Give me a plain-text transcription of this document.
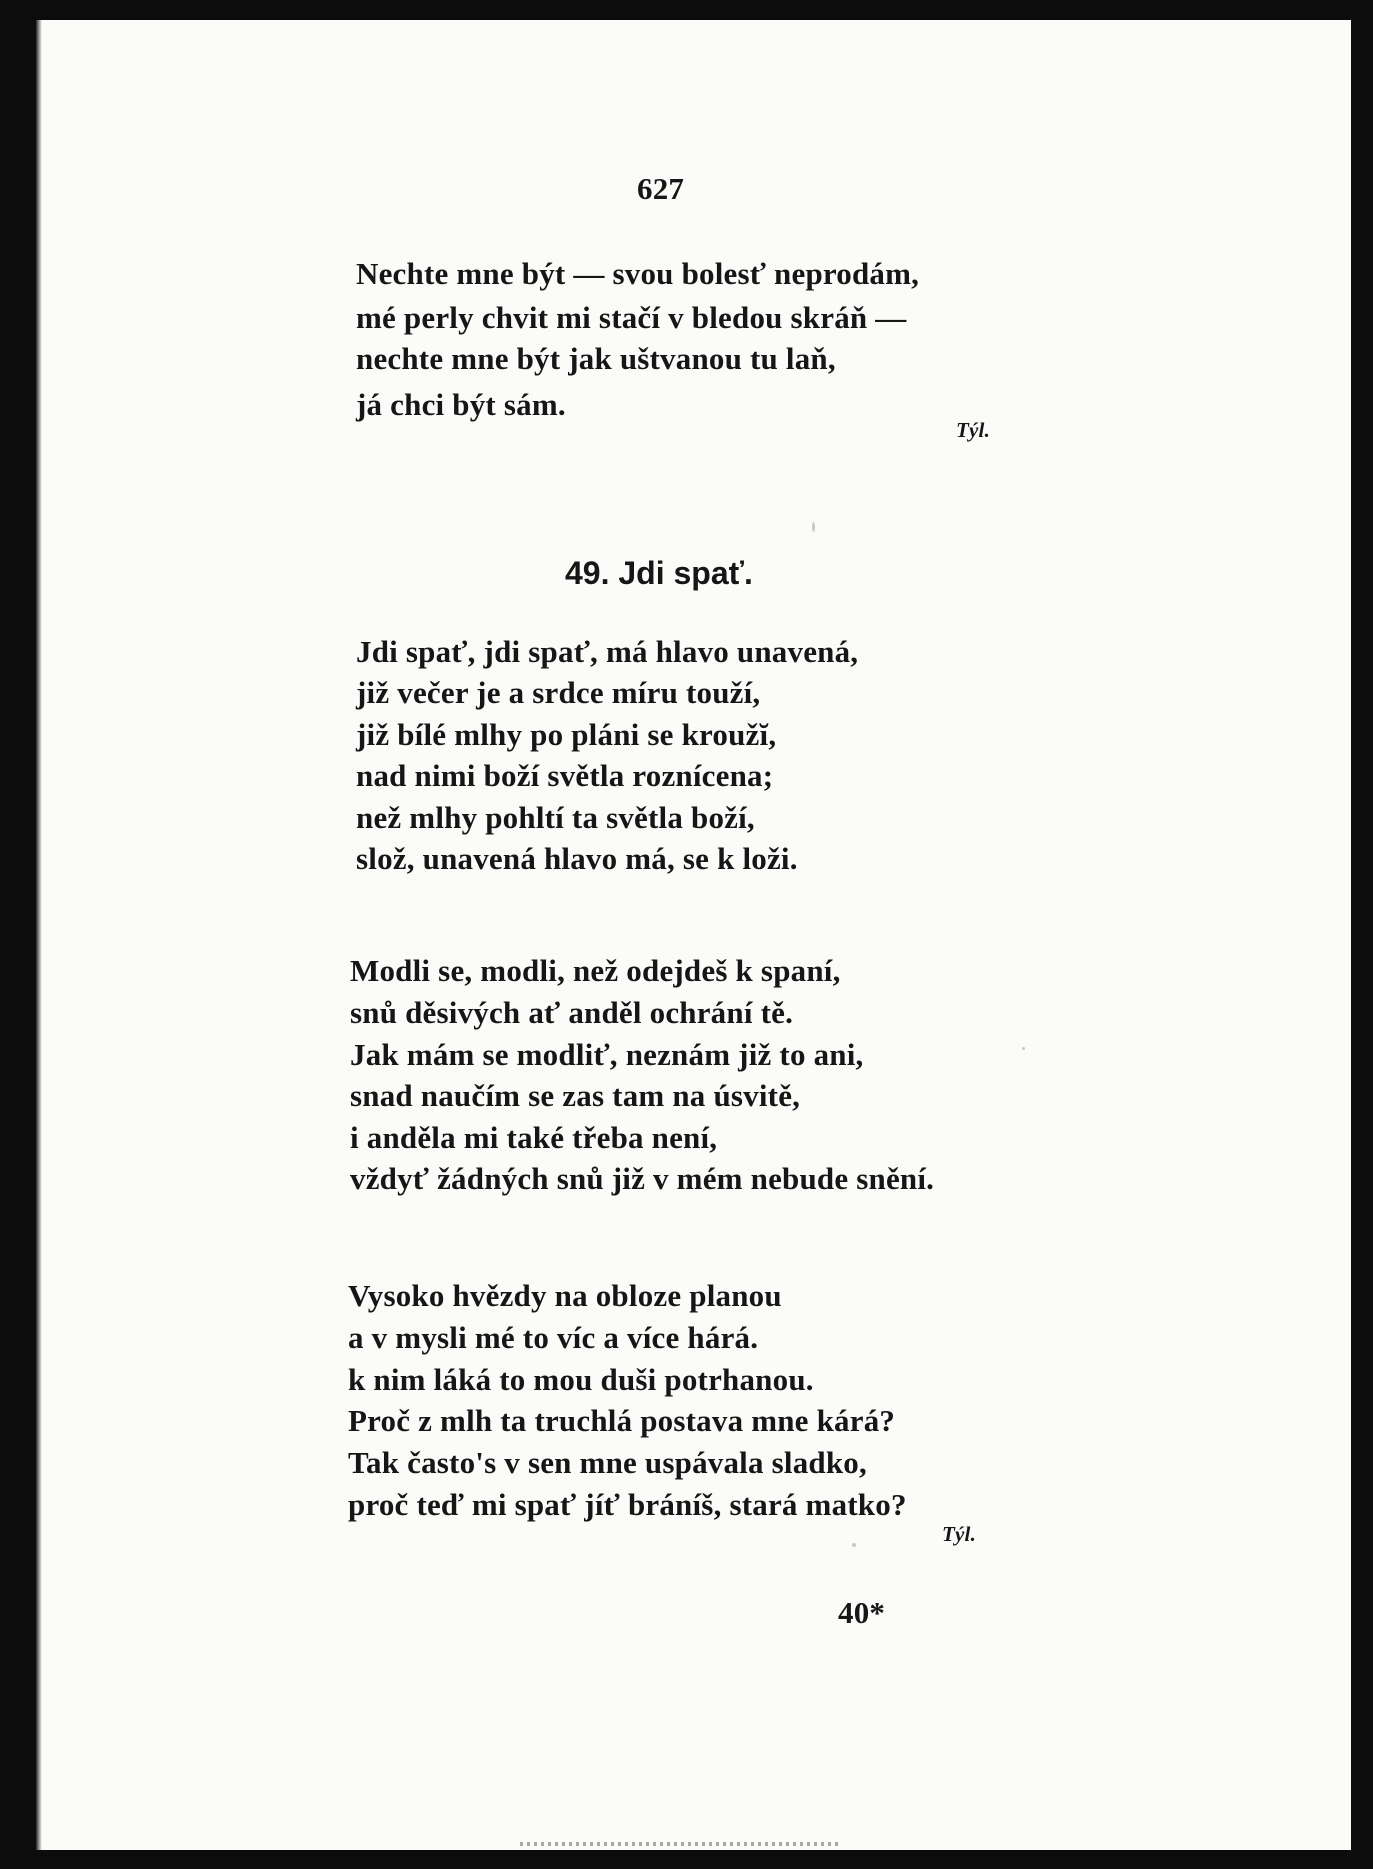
627
Nechte mne být — svou bolesť neprodám,
mé perly chvit mi stačí v bledou skráň —
nechte mne být jak uštvanou tu laň,
já chci být sám.
Týl.
49. Jdi spať.
Jdi spať, jdi spať, má hlavo unavená,
již večer je a srdce míru touží,
již bílé mlhy po pláni se kroužĭ,
nad nimi boží světla roznícena;
než mlhy pohltí ta světla boží,
slož, unavená hlavo má, se k loži.
Modli se, modli, než odejdeš k spaní,
snů děsivých ať anděl ochrání tě.
Jak mám se modliť, neznám již to ani,
snad naučím se zas tam na úsvitě,
i anděla mi také třeba není,
vždyť žádných snů již v mém nebude snění.
Vysoko hvězdy na obloze planou
a v mysli mé to víc a více hárá.
k nim láká to mou duši potrhanou.
Proč z mlh ta truchlá postava mne kárá?
Tak často's v sen mne uspávala sladko,
proč teď mi spať jíť bráníš, stará matko?
Týl.
40*
